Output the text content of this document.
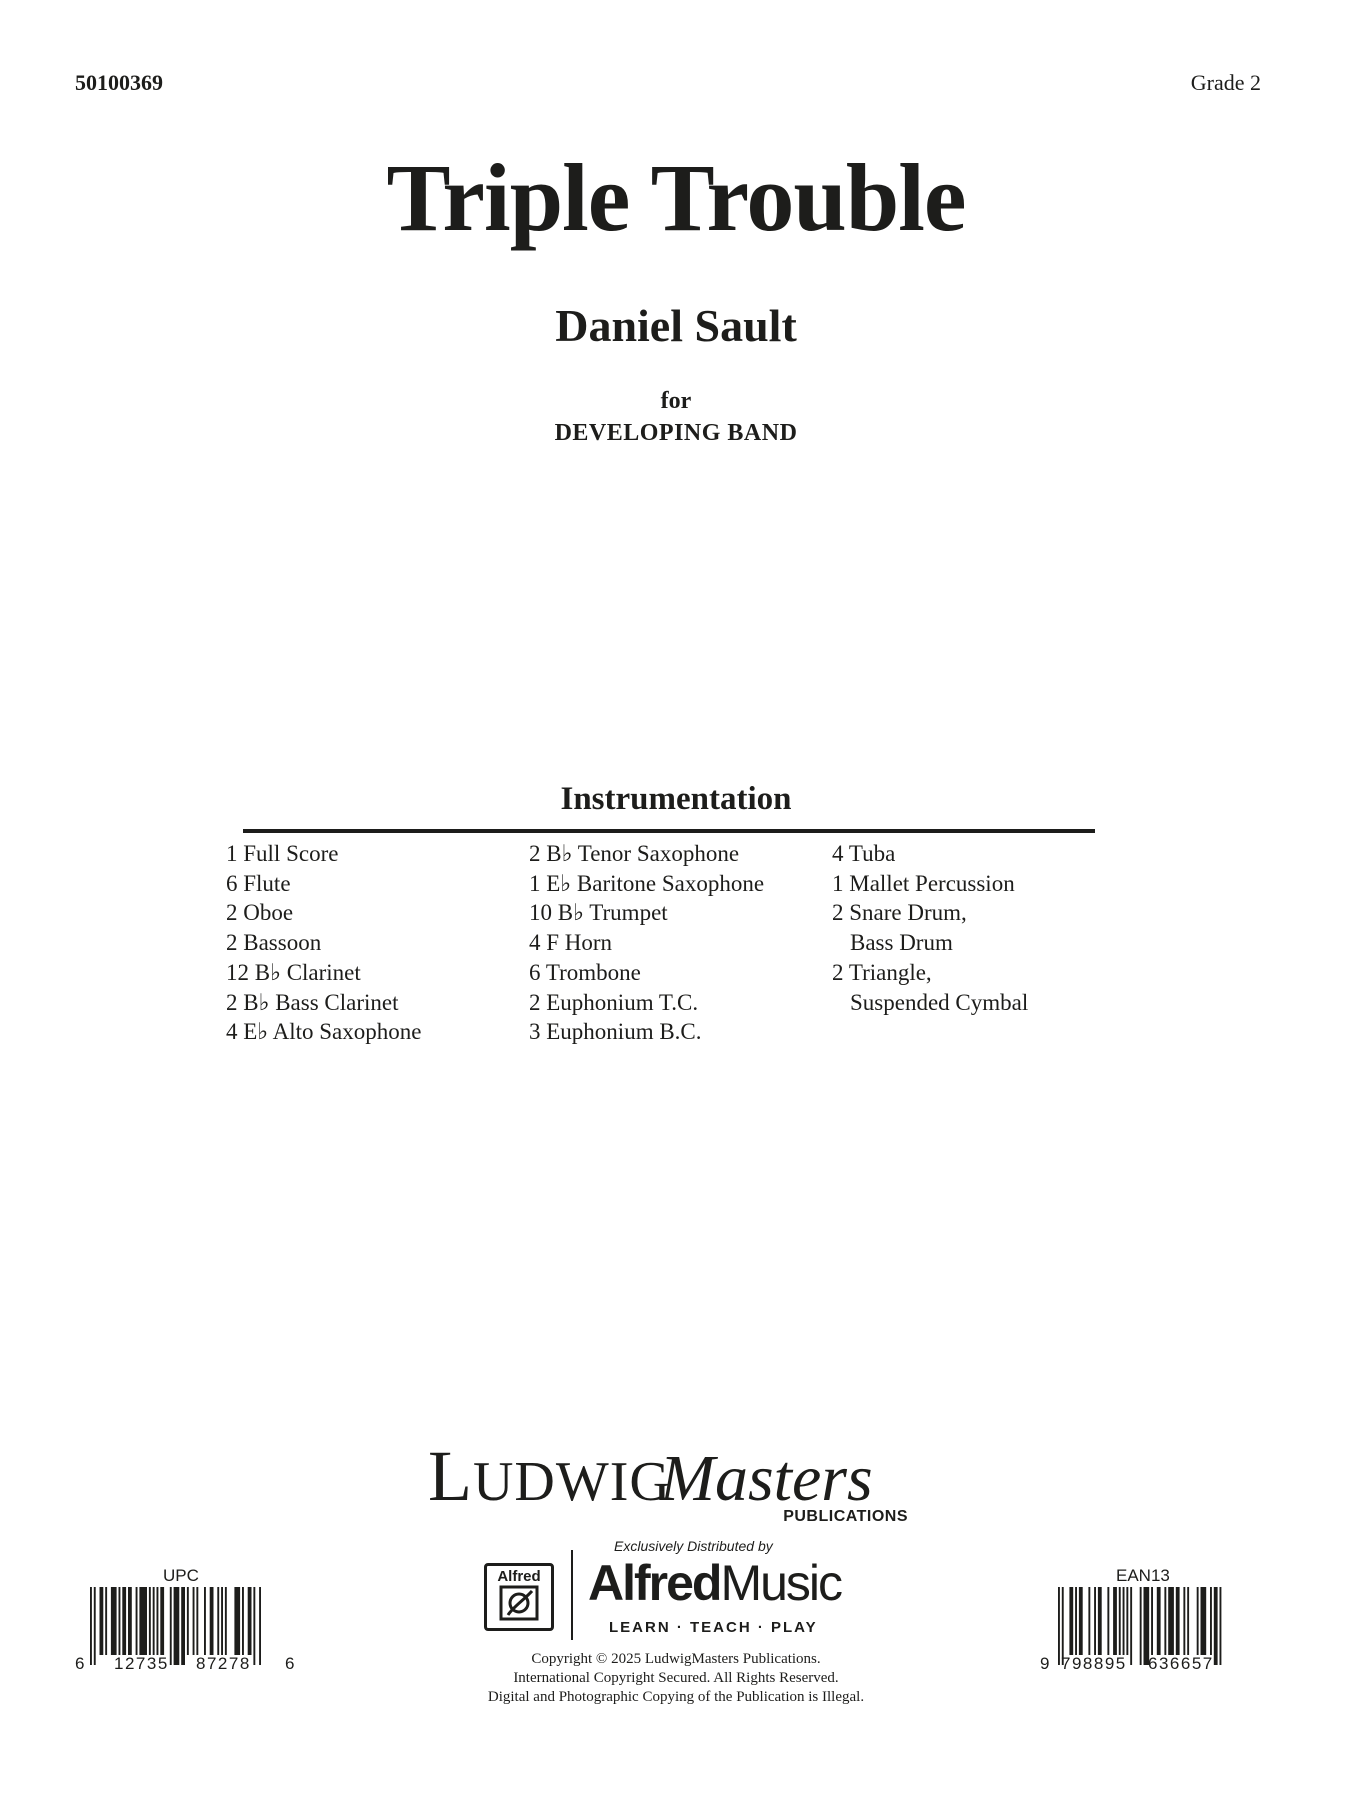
50100369	Grade 2
Triple Trouble
Daniel Sault
for
DEVELOPING BAND
Instrumentation
1 Full Score
6 Flute
2 Oboe
2 Bassoon
12 B♭ Clarinet
2 B♭ Bass Clarinet
4 E♭ Alto Saxophone
2 B♭ Tenor Saxophone
1 E♭ Baritone Saxophone
10 B♭ Trumpet
4 F Horn
6 Trombone
2 Euphonium T.C.
3 Euphonium B.C.
4 Tuba
1 Mallet Percussion
2 Snare Drum,
Bass Drum
2 Triangle,
Suspended Cymbal
LUDWIG
Masters
PUBLICATIONS
Exclusively Distributed by
Alfred AlfredMusic
LEARN · TEACH · PLAY
Copyright © 2025 LudwigMasters Publications.
International Copyright Secured. All Rights Reserved.
Digital and Photographic Copying of the Publication is Illegal.
UPC
6 12735 87278 6
EAN13
9 798895 636657
